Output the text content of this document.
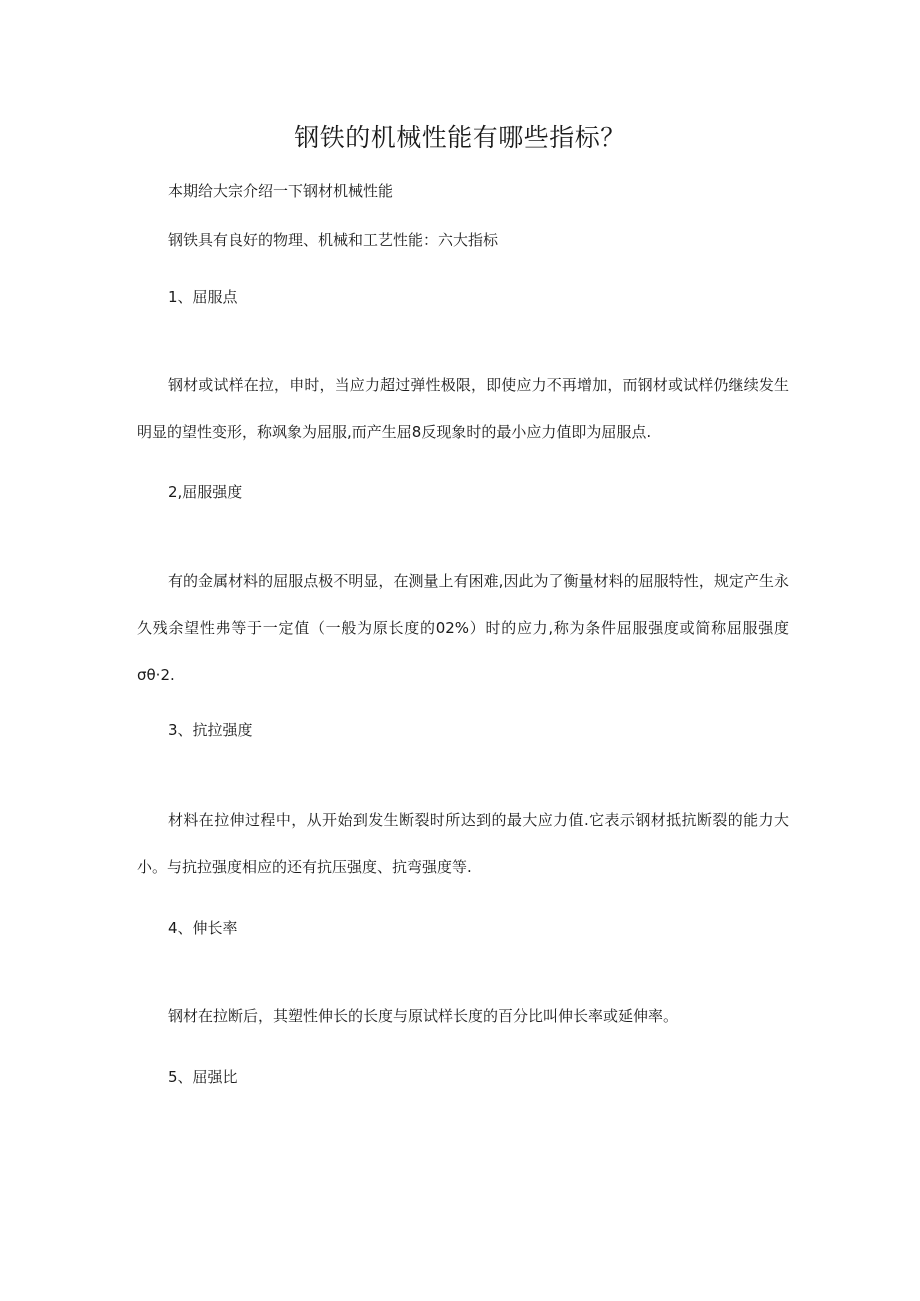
钢铁的机械性能有哪些指标？

本期给大宗介绍一下钢材机械性能

钢铁具有良好的物理、机械和工艺性能：六大指标

1、屈服点

钢材或试样在拉，申时，当应力超过弹性极限，即使应力不再增加，而钢材或试样仍继续发生明显的望性变形，称飒象为屈服,而产生屈8反现象时的最小应力值即为屈服点.

2,屈服强度

有的金属材料的屈服点极不明显，在测量上有困难,因此为了衡量材料的屈服特性，规定产生永久残余望性弗等于一定值（一般为原长度的02%）时的应力,称为条件屈服强度或简称屈服强度σθ·2.

3、抗拉强度

材料在拉伸过程中，从开始到发生断裂时所达到的最大应力值.它表示钢材抵抗断裂的能力大小。与抗拉强度相应的还有抗压强度、抗弯强度等.

4、伸长率

钢材在拉断后，其塑性伸长的长度与原试样长度的百分比叫伸长率或延伸率。

5、屈强比
